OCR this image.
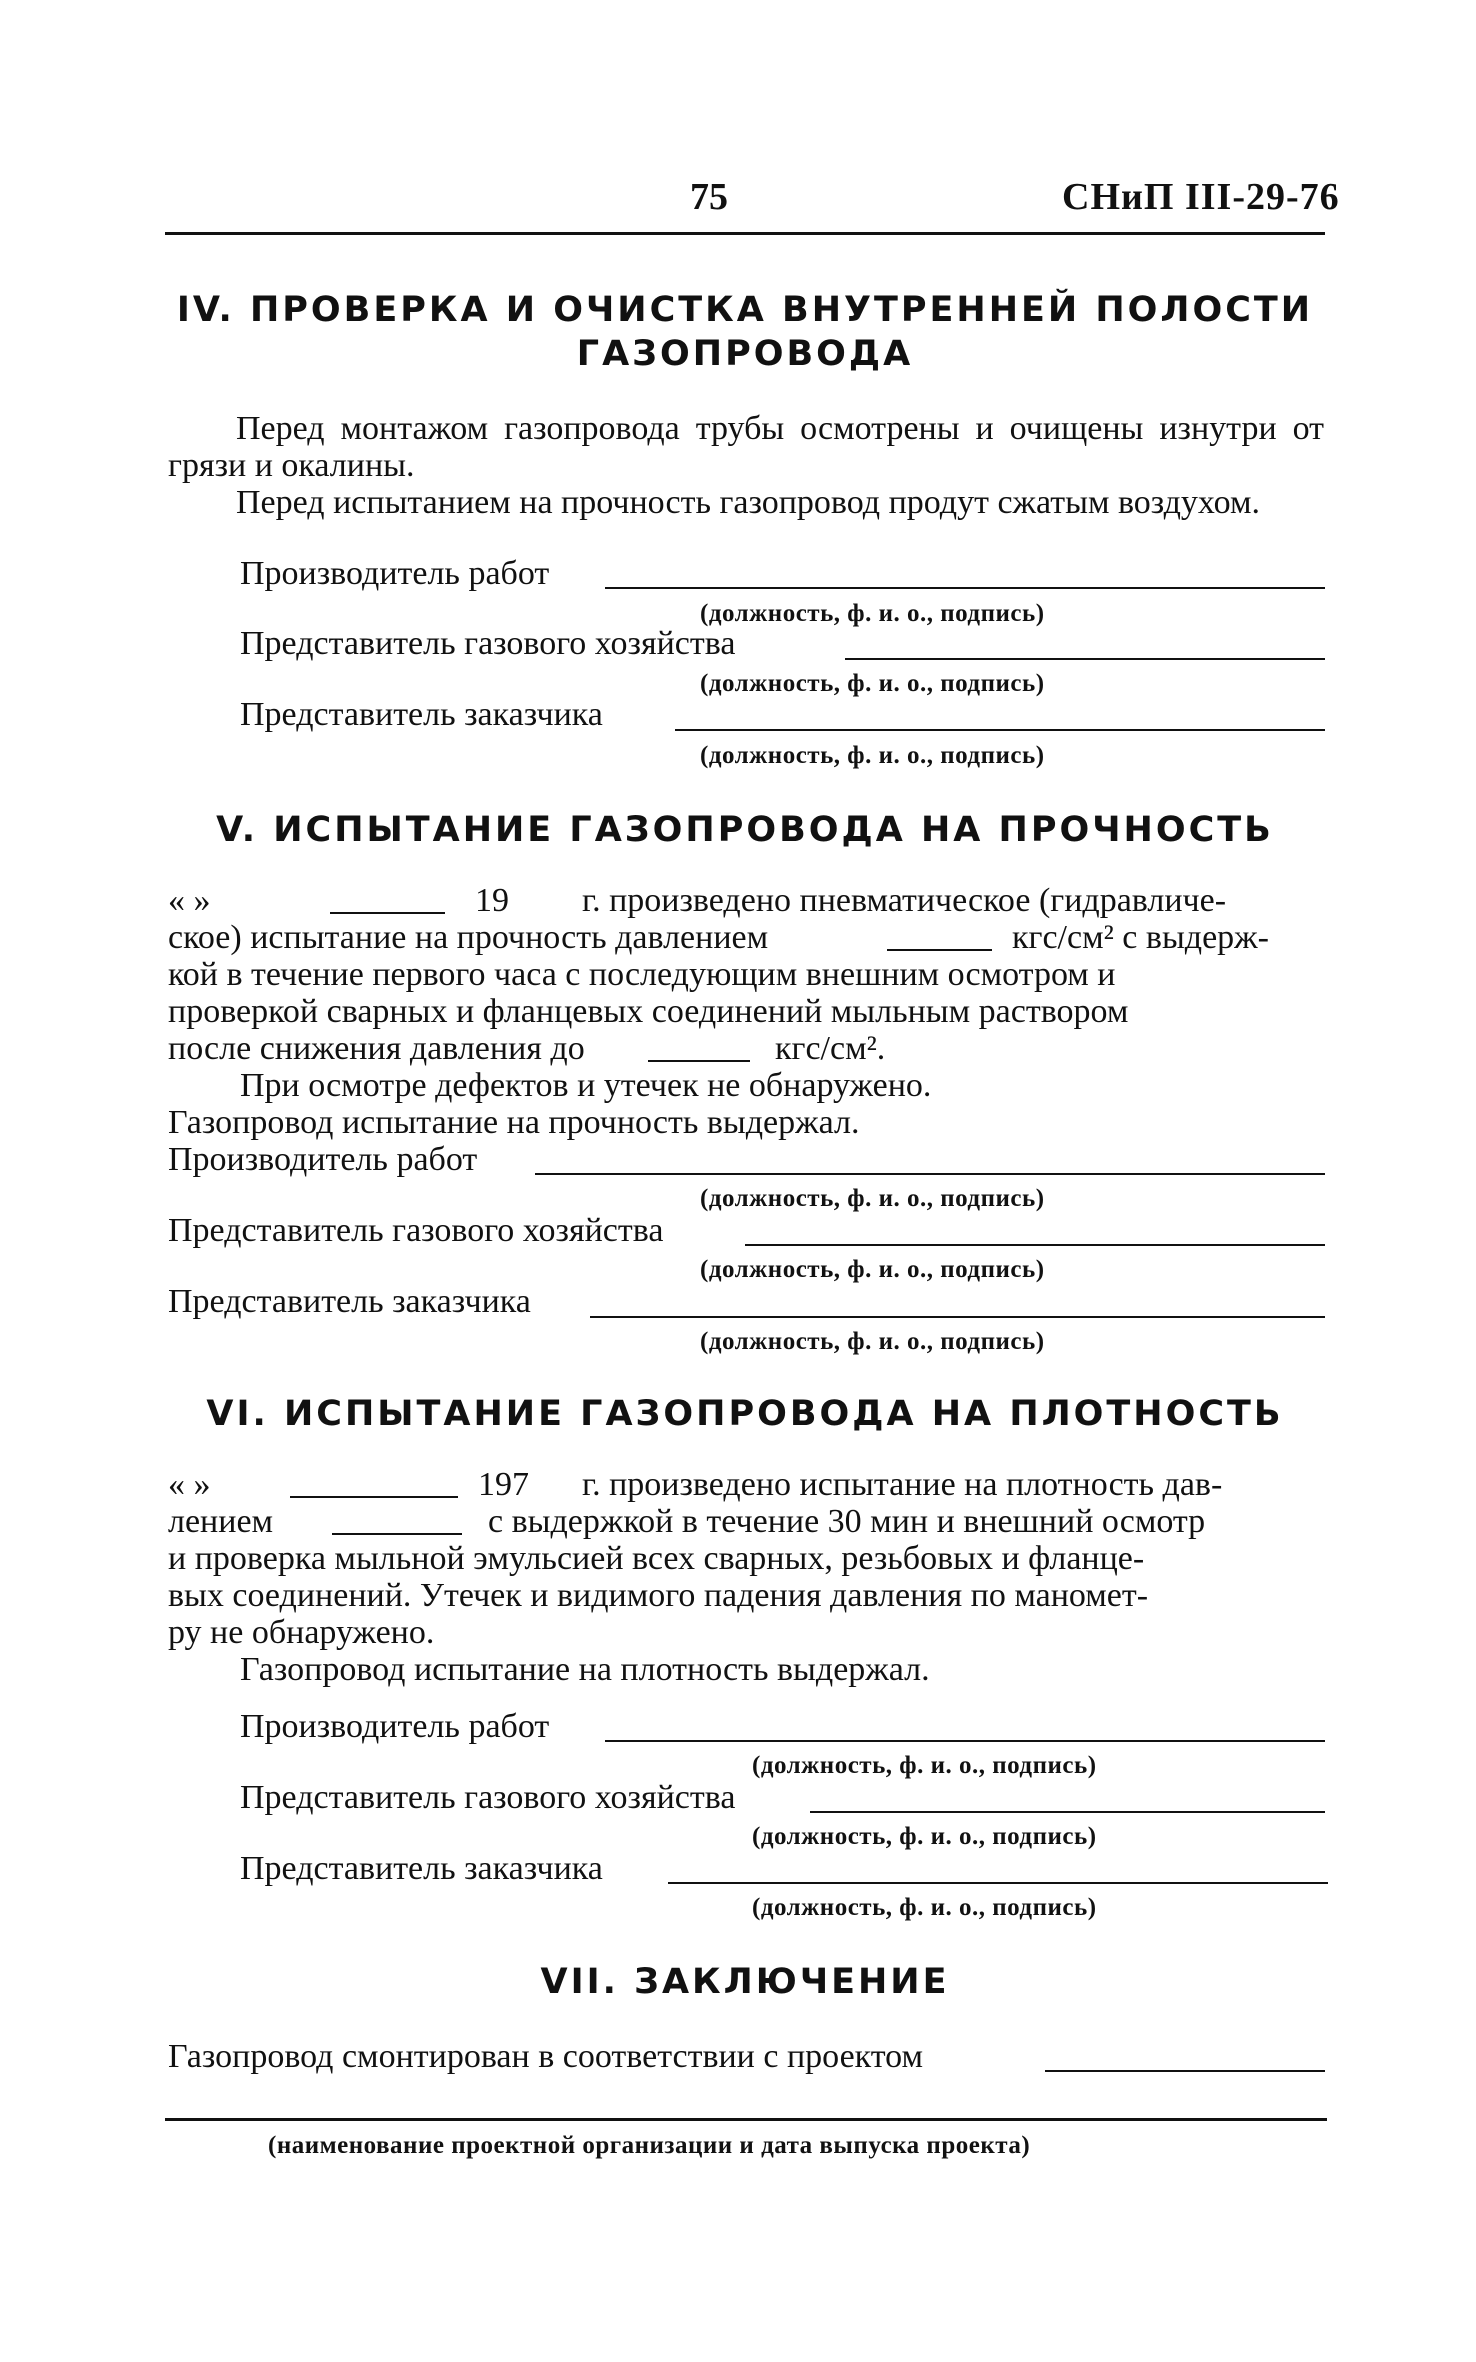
75	СНиП III-29-76
IV. ПРОВЕРКА И ОЧИСТКА ВНУТРЕННЕЙ ПОЛОСТИ
ГАЗОПРОВОДА
Перед монтажом газопровода трубы осмотрены и очищены изнутри от грязи и окалины.
Перед испытанием на прочность газопровод продут сжатым воздухом.
Производитель работ
(должность, ф. и. о., подпись)
Представитель газового хозяйства
(должность, ф. и. о., подпись)
Представитель заказчика
(должность, ф. и. о., подпись)
V. ИСПЫТАНИЕ ГАЗОПРОВОДА НА ПРОЧНОСТЬ
« »	19 г. произведено пневматическое (гидравличе-
ское) испытание на прочность давлением	кгс/см² с выдерж-
кой в течение первого часа с последующим внешним осмотром и
проверкой сварных и фланцевых соединений мыльным раствором
после снижения давления до	кгс/см².
При осмотре дефектов и утечек не обнаружено.
Газопровод испытание на прочность выдержал.
Производитель работ
(должность, ф. и. о., подпись)
Представитель газового хозяйства
(должность, ф. и. о., подпись)
Представитель заказчика
(должность, ф. и. о., подпись)
VI. ИСПЫТАНИЕ ГАЗОПРОВОДА НА ПЛОТНОСТЬ
« »	197 г. произведено испытание на плотность дав-
лением	с выдержкой в течение 30 мин и внешний осмотр
и проверка мыльной эмульсией всех сварных, резьбовых и фланце-
вых соединений. Утечек и видимого падения давления по маномет-
ру не обнаружено.
Газопровод испытание на плотность выдержал.
Производитель работ
(должность, ф. и. о., подпись)
Представитель газового хозяйства
(должность, ф. и. о., подпись)
Представитель заказчика
(должность, ф. и. о., подпись)
VII. ЗАКЛЮЧЕНИЕ
Газопровод смонтирован в соответствии с проектом
(наименование проектной организации и дата выпуска проекта)
